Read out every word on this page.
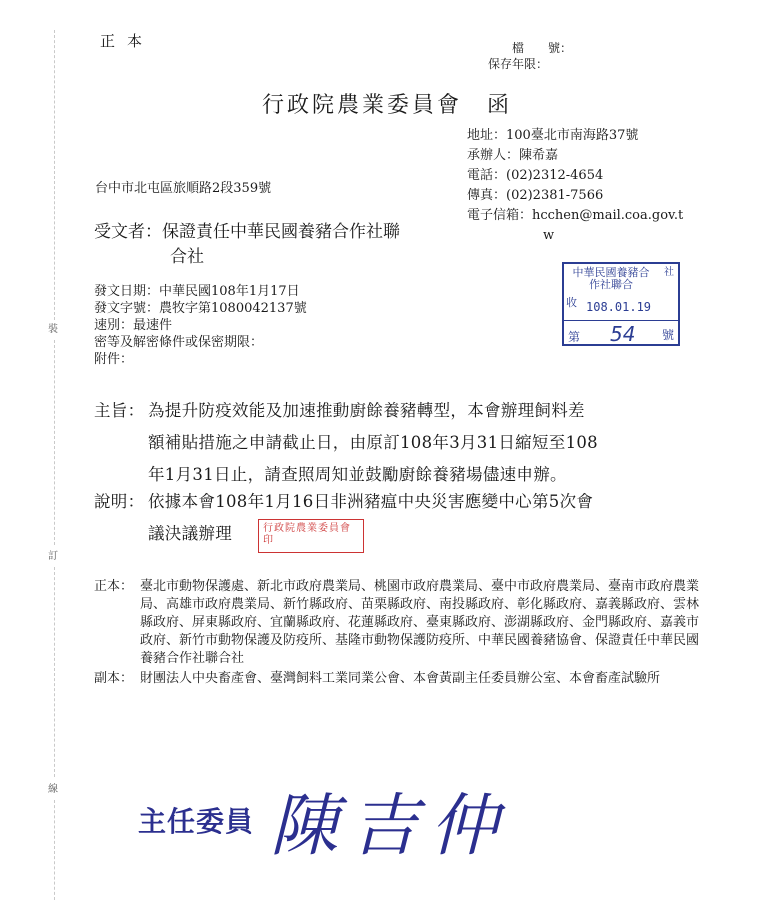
裝
訂
線
正本	檔　　號：
保存年限：
行政院農業委員會　函
地址：100臺北市南海路37號
承辦人：陳希嘉
電話：(02)2312-4654
傳真：(02)2381-7566
電子信箱：hcchen@mail.coa.gov.t
w
台中市北屯區旅順路2段359號
受文者：保證責任中華民國養豬合作社聯
合社
中華民國養豬合作社聯合
社
收 108.01.19
第 54 號
發文日期：中華民國108年1月17日
發文字號：農牧字第1080042137號
速別：最速件
密等及解密條件或保密期限：
附件：
主旨： 為提升防疫效能及加速推動廚餘養豬轉型，本會辦理飼料差
額補貼措施之申請截止日，由原訂108年3月31日縮短至108
年1月31日止，請查照周知並鼓勵廚餘養豬場儘速申辦。
說明： 依據本會108年1月16日非洲豬瘟中央災害應變中心第5次會
議決議辦理	行政院農業委員會印
正本： 臺北市動物保護處、新北市政府農業局、桃園市政府農業局、臺中市政府農業局、臺南市政府農業局、高雄市政府農業局、新竹縣政府、苗栗縣政府、南投縣政府、彰化縣政府、嘉義縣政府、雲林縣政府、屏東縣政府、宜蘭縣政府、花蓮縣政府、臺東縣政府、澎湖縣政府、金門縣政府、嘉義市政府、新竹市動物保護及防疫所、基隆市動物保護防疫所、中華民國養豬協會、保證責任中華民國養豬合作社聯合社
副本： 財團法人中央畜產會、臺灣飼料工業同業公會、本會黃副主任委員辦公室、本會畜產試驗所
主任委員 陳吉仲
